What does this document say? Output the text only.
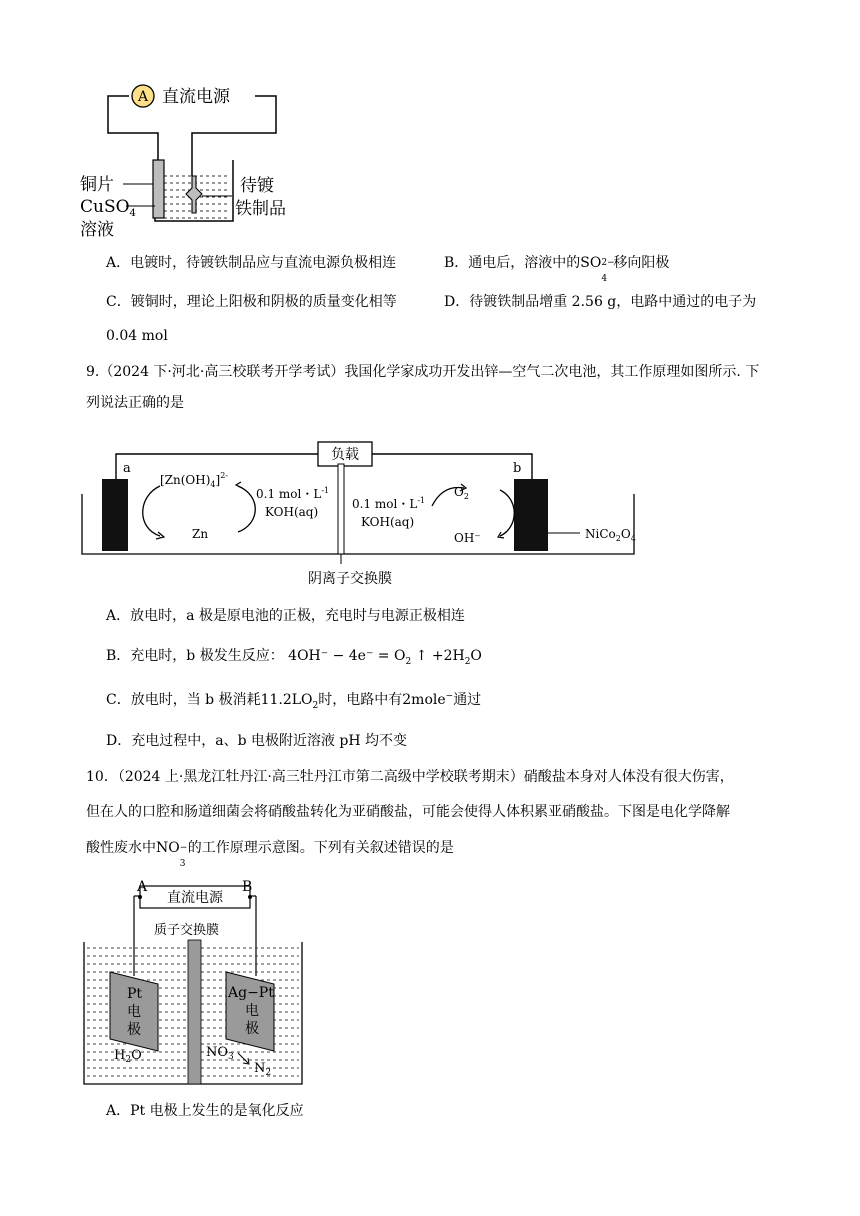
A 直流电源
铜片
CuSO$_4$
溶液
待镀
铁制品
A．电镀时，待镀铁制品应与直流电源负极相连	B．通电后，溶液中的SO 2−
4
移向阳极
C．镀铜时，理论上阳极和阴极的质量变化相等	D．待镀铁制品增重 2.56 g，电路中通过的电子为
0.04 mol
9.（2024 下·河北·高三校联考开学考试）我国化学家成功开发出锌—空气二次电池，其工作原理如图所示. 下
列说法正确的是
负载
a	b
$[Zn(OH)_4]^{2-}$
0.1 mol・$L^{-1}$
KOH(aq)
Zn
0.1 mol・$L^{-1}$
KOH(aq)
$O_2$
OH⁻	$NiCo_2O_4$
阴离子交换膜
A．放电时，a 极是原电池的正极，充电时与电源正极相连
B．充电时，b 极发生反应： $4OH^- - 4e^- = O_2$ ↑ $+2H_2O$
C．放电时，当 b 极消耗$11.2LO_2$时，电路中有2mole−通过
D．充电过程中，a、b 电极附近溶液 pH 均不变
10．（2024 上·黑龙江牡丹江·高三牡丹江市第二高级中学校联考期末）硝酸盐本身对人体没有很大伤害，
但在人的口腔和肠道细菌会将硝酸盐转化为亚硝酸盐，可能会使得人体积累亚硝酸盐。下图是电化学降解
酸性废水中NO −
3
的工作原理示意图。下列有关叙述错误的是
直流电源
A	B
质子交换膜
Pt
电
极
Ag−Pt
电
极
$H_2O$	$NO_3$
$N_2$
A．Pt 电极上发生的是氧化反应
